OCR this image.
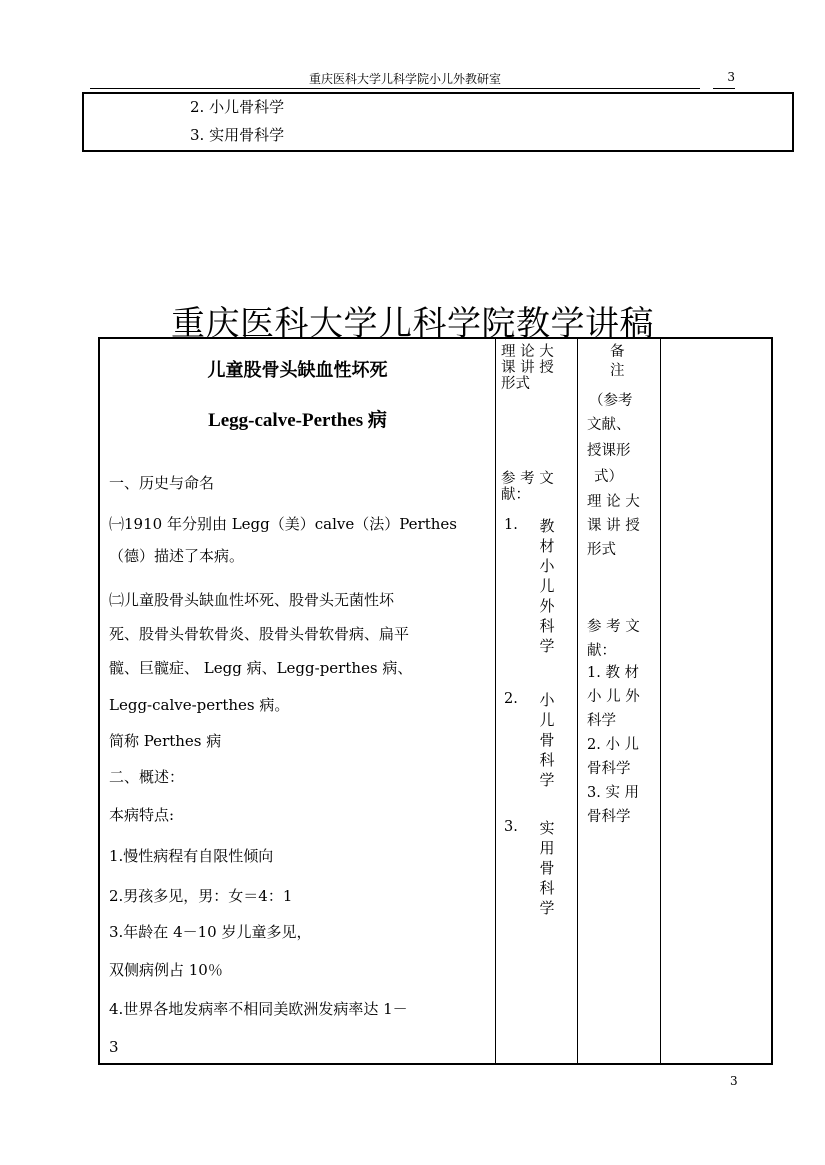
重庆医科大学儿科学院小儿外教研室	3
2. 小儿骨科学
3. 实用骨科学
重庆医科大学儿科学院教学讲稿
儿童股骨头缺血性坏死
Legg-calve-Perthes 病
一、历史与命名
㈠1910 年分别由 Legg（美）calve（法）Perthes
（德）描述了本病。
㈡儿童股骨头缺血性坏死、股骨头无菌性坏
死、股骨头骨软骨炎、股骨头骨软骨病、扁平
髋、巨髋症、 Legg 病、Legg-perthes 病、
Legg-calve-perthes 病。
简称 Perthes 病
二、概述：
本病特点:
1.慢性病程有自限性倾向
2.男孩多见，男：女＝4：1
3.年龄在 4－10 岁儿童多见，
双侧病例占 10％
4.世界各地发病率不相同美欧洲发病率达 1－
3
理 论 大
课 讲 授
形式
参 考 文
献：
1. 教
材
小
儿
外
科
学
2. 小
儿
骨
科
学
3. 实
用
骨
科
学
备
注
（参考
文献、
授课形
式）
理 论 大
课 讲 授
形式
参 考 文
献：
1. 教 材
小 儿 外
科学
2. 小 儿
骨科学
3. 实 用
骨科学
3
